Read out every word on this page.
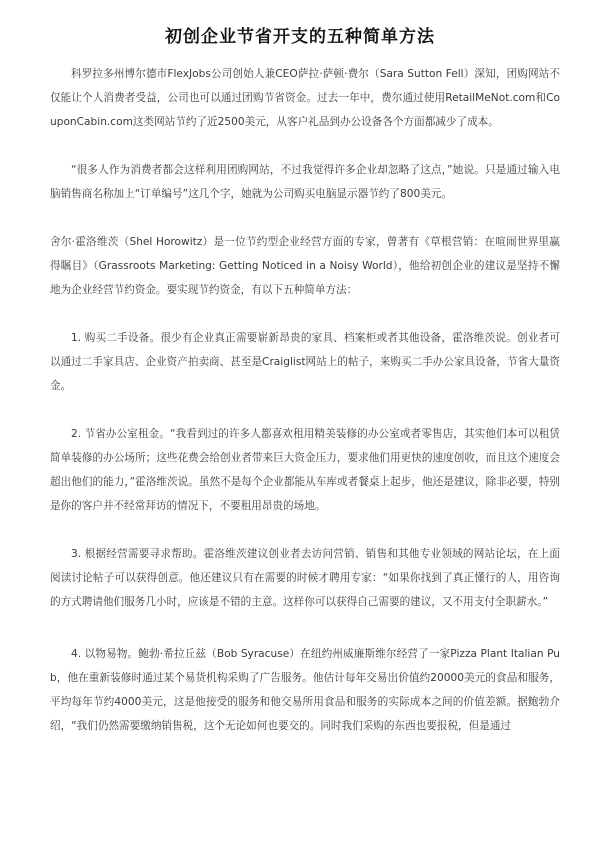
初创企业节省开支的五种简单方法

科罗拉多州博尔德市FlexJobs公司创始人兼CEO萨拉·萨顿·费尔（Sara Sutton Fell）深知，团购网站不仅能让个人消费者受益，公司也可以通过团购节省资金。过去一年中，费尔通过使用RetailMeNot.com和CouponCabin.com这类网站节约了近2500美元，从客户礼品到办公设备各个方面都减少了成本。

“很多人作为消费者都会这样利用团购网站，不过我觉得许多企业却忽略了这点，”她说。只是通过输入电脑销售商名称加上“订单编号”这几个字，她就为公司购买电脑显示器节约了800美元。

舍尔·霍洛维茨（Shel Horowitz）是一位节约型企业经营方面的专家，曾著有《草根营销：在喧闹世界里赢得瞩目》（Grassroots Marketing: Getting Noticed in a Noisy World），他给初创企业的建议是坚持不懈地为企业经营节约资金。要实现节约资金，有以下五种简单方法：

1. 购买二手设备。很少有企业真正需要崭新昂贵的家具、档案柜或者其他设备，霍洛维茨说。创业者可以通过二手家具店、企业资产拍卖商、甚至是Craiglist网站上的帖子，来购买二手办公家具设备，节省大量资金。

2. 节省办公室租金。“我看到过的许多人都喜欢租用精美装修的办公室或者零售店，其实他们本可以租赁简单装修的办公场所；这些花费会给创业者带来巨大资金压力，要求他们用更快的速度创收，而且这个速度会超出他们的能力，”霍洛维茨说。虽然不是每个企业都能从车库或者餐桌上起步，他还是建议，除非必要，特别是你的客户并不经常拜访的情况下，不要租用昂贵的场地。

3. 根据经营需要寻求帮助。霍洛维茨建议创业者去访问营销、销售和其他专业领域的网站论坛，在上面阅读讨论帖子可以获得创意。他还建议只有在需要的时候才聘用专家：“如果你找到了真正懂行的人，用咨询的方式聘请他们服务几小时，应该是不错的主意。这样你可以获得自己需要的建议，又不用支付全职薪水。”

4. 以物易物。鲍勃·希拉丘兹（Bob Syracuse）在纽约州威廉斯维尔经营了一家Pizza Plant Italian Pub，他在重新装修时通过某个易货机构采购了广告服务。他估计每年交易出价值约20000美元的食品和服务，平均每年节约4000美元，这是他接受的服务和他交易所用食品和服务的实际成本之间的价值差额。据鲍勃介绍，“我们仍然需要缴纳销售税，这个无论如何也要交的。同时我们采购的东西也要报税，但是通过
